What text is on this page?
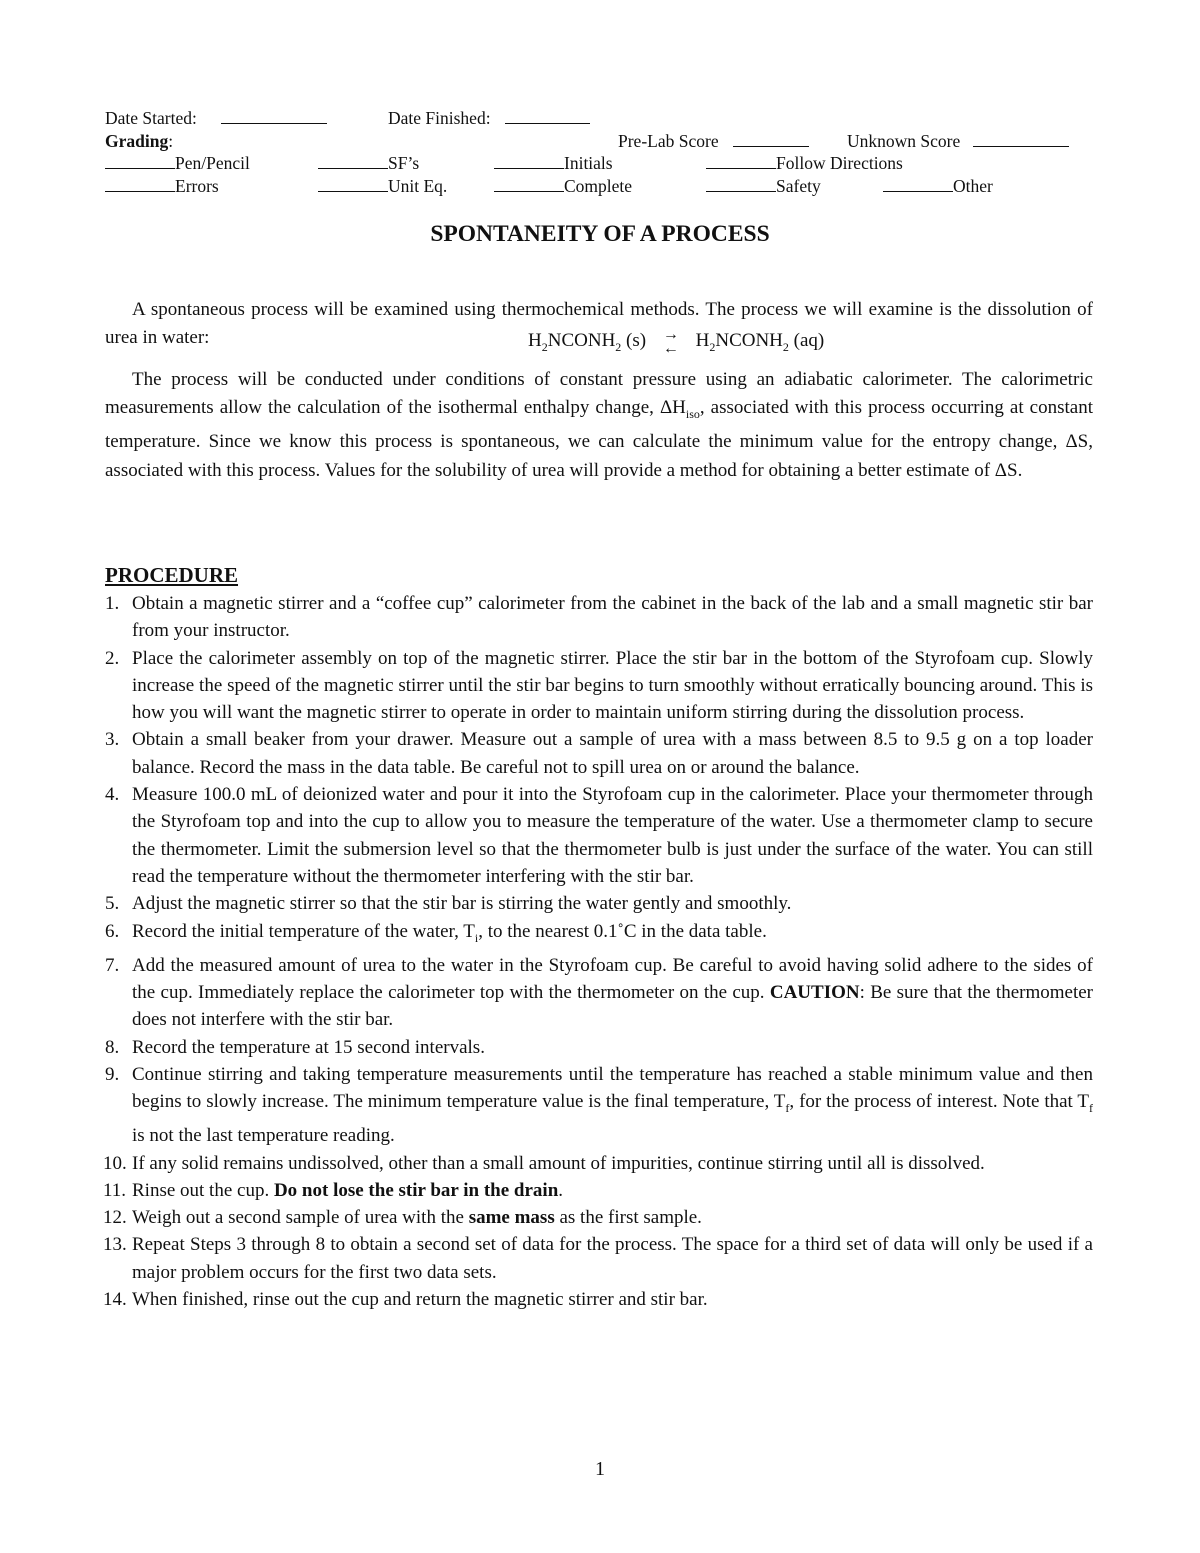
Date Started:	Date Finished:
Grading:	Pre-Lab Score	Unknown Score
Pen/Pencil	SF’s	Initials	Follow Directions
Errors	Unit Eq.	Complete	Safety	Other
SPONTANEITY OF A PROCESS

A spontaneous process will be examined using thermochemical methods. The process we will examine is the dissolution of urea in water:	$H_2NCONH_2$ (s) →
← $H_2NCONH_2$ (aq)

The process will be conducted under conditions of constant pressure using an adiabatic calorimeter. The calorimetric measurements allow the calculation of the isothermal enthalpy change, $\Delta H_{iso}$, associated with this process occurring at constant temperature. Since we know this process is spontaneous, we can calculate the minimum value for the entropy change, ΔS, associated with this process. Values for the solubility of urea will provide a method for obtaining a better estimate of ΔS.

PROCEDURE
1. Obtain a magnetic stirrer and a “coffee cup” calorimeter from the cabinet in the back of the lab and a small magnetic stir bar from your instructor.
2. Place the calorimeter assembly on top of the magnetic stirrer. Place the stir bar in the bottom of the Styrofoam cup. Slowly increase the speed of the magnetic stirrer until the stir bar begins to turn smoothly without erratically bouncing around. This is how you will want the magnetic stirrer to operate in order to maintain uniform stirring during the dissolution process.
3. Obtain a small beaker from your drawer. Measure out a sample of urea with a mass between 8.5 to 9.5 g on a top loader balance. Record the mass in the data table. Be careful not to spill urea on or around the balance.
4. Measure 100.0 mL of deionized water and pour it into the Styrofoam cup in the calorimeter. Place your thermometer through the Styrofoam top and into the cup to allow you to measure the temperature of the water. Use a thermometer clamp to secure the thermometer. Limit the submersion level so that the thermometer bulb is just under the surface of the water. You can still read the temperature without the thermometer interfering with the stir bar.
5. Adjust the magnetic stirrer so that the stir bar is stirring the water gently and smoothly.
6. Record the initial temperature of the water, $T_i$, to the nearest 0.1˚C in the data table.
7. Add the measured amount of urea to the water in the Styrofoam cup. Be careful to avoid having solid adhere to the sides of the cup. Immediately replace the calorimeter top with the thermometer on the cup. CAUTION: Be sure that the thermometer does not interfere with the stir bar.
8. Record the temperature at 15 second intervals.
9. Continue stirring and taking temperature measurements until the temperature has reached a stable minimum value and then begins to slowly increase. The minimum temperature value is the final temperature, $T_f$, for the process of interest. Note that $T_f$ is not the last temperature reading.
10. If any solid remains undissolved, other than a small amount of impurities, continue stirring until all is dissolved.
11. Rinse out the cup. Do not lose the stir bar in the drain.
12. Weigh out a second sample of urea with the same mass as the first sample.
13. Repeat Steps 3 through 8 to obtain a second set of data for the process. The space for a third set of data will only be used if a major problem occurs for the first two data sets.
14. When finished, rinse out the cup and return the magnetic stirrer and stir bar.
1
